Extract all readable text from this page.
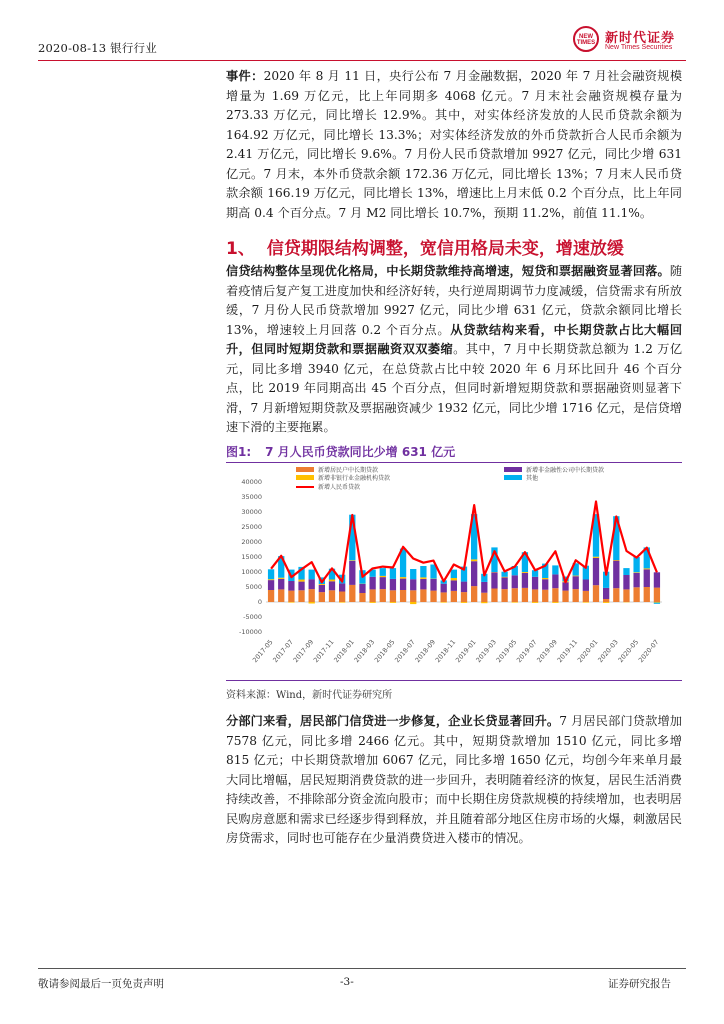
2020-08-13 银行行业
NEW TIMES 新时代证券
New Times Securities

事件：2020 年 8 月 11 日，央行公布 7 月金融数据，2020 年 7 月社会融资规模增量为 1.69 万亿元，比上年同期多 4068 亿元。7 月末社会融资规模存量为 273.33 万亿元，同比增长 12.9%。其中，对实体经济发放的人民币贷款余额为 164.92 万亿元，同比增长 13.3%；对实体经济发放的外币贷款折合人民币余额为 2.41 万亿元，同比增长 9.6%。7 月份人民币贷款增加 9927 亿元，同比少增 631 亿元。7 月末，本外币贷款余额 172.36 万亿元，同比增长 13%；7 月末人民币贷款余额 166.19 万亿元，同比增长 13%，增速比上月末低 0.2 个百分点，比上年同期高 0.4 个百分点。7 月 M2 同比增长 10.7%，预期 11.2%，前值 11.1%。

1、 信贷期限结构调整，宽信用格局未变，增速放缓

信贷结构整体呈现优化格局，中长期贷款维持高增速，短贷和票据融资显著回落。随着疫情后复产复工进度加快和经济好转，央行逆周期调节力度减缓，信贷需求有所放缓，7 月份人民币贷款增加 9927 亿元，同比少增 631 亿元，贷款余额同比增长 13%，增速较上月回落 0.2 个百分点。从贷款结构来看，中长期贷款占比大幅回升，但同时短期贷款和票据融资双双萎缩。其中，7 月中长期贷款总额为 1.2 万亿元，同比多增 3940 亿元，在总贷款占比中较 2020 年 6 月环比回升 46 个百分点，比 2019 年同期高出 45 个百分点，但同时新增短期贷款和票据融资则显著下滑，7 月新增短期贷款及票据融资减少 1932 亿元，同比少增 1716 亿元，是信贷增速下滑的主要拖累。

图1: 7 月人民币贷款同比少增 631 亿元
-10000
-5000
0
5000
10000
15000
20000
25000
30000
35000
40000
2017-05
2017-07
2017-09
2017-11
2018-01
2018-03
2018-05
2018-07
2018-09
2018-11
2019-01
2019-03
2019-05
2019-07
2019-09
2019-11
2020-01
2020-03
2020-05
2020-07
新增居民户中长期贷款	新增非金融性公司中长期贷款
新增非银行业金融机构贷款	其他
新增人民币贷款
资料来源：Wind，新时代证券研究所

分部门来看，居民部门信贷进一步修复，企业长贷显著回升。7 月居民部门贷款增加 7578 亿元，同比多增 2466 亿元。其中，短期贷款增加 1510 亿元，同比多增 815 亿元；中长期贷款增加 6067 亿元，同比多增 1650 亿元，均创今年来单月最大同比增幅，居民短期消费贷款的进一步回升，表明随着经济的恢复，居民生活消费持续改善，不排除部分资金流向股市；而中长期住房贷款规模的持续增加，也表明居民购房意愿和需求已经逐步得到释放，并且随着部分地区住房市场的火爆，刺激居民房贷需求，同时也可能存在少量消费贷进入楼市的情况。

敬请参阅最后一页免责声明	-3-	证券研究报告
